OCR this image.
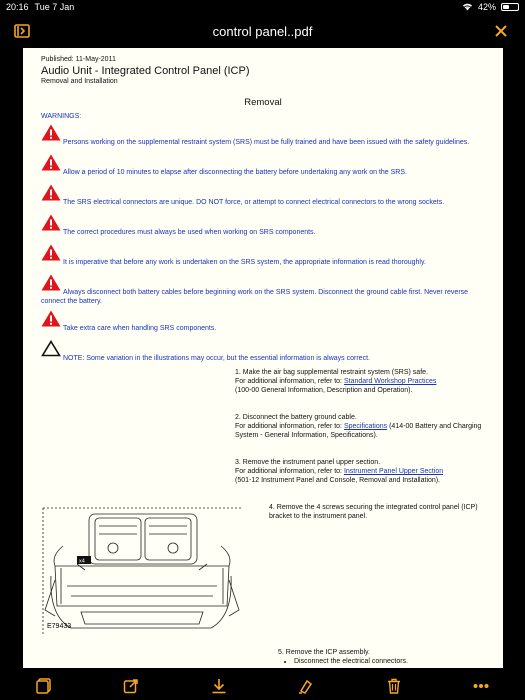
20:16 Tue 7 Jan	42%
control panel..pdf
Published: 11-May-2011
Audio Unit - Integrated Control Panel (ICP)
Removal and Installation
Removal
WARNINGS:
Persons working on the supplemental restraint system (SRS) must be fully trained and have been issued with the safety guidelines.
Allow a period of 10 minutes to elapse after disconnecting the battery before undertaking any work on the SRS.
The SRS electrical connectors are unique. DO NOT force, or attempt to connect electrical connectors to the wrong sockets.
The correct procedures must always be used when working on SRS components.
It is imperative that before any work is undertaken on the SRS system, the appropriate information is read thoroughly.
Always disconnect both battery cables before beginning work on the SRS system. Disconnect the ground cable first. Never reverse connect the battery.
Take extra care when handling SRS components.
NOTE: Some variation in the illustrations may occur, but the essential information is always correct.
1. Make the air bag supplemental restraint system (SRS) safe.
For additional information, refer to: Standard Workshop Practices
(100-00 General Information, Description and Operation).
2. Disconnect the battery ground cable.
For additional information, refer to: Specifications (414-00 Battery and Charging System - General Information, Specifications).
3. Remove the instrument panel upper section.
For additional information, refer to: Instrument Panel Upper Section
(501-12 Instrument Panel and Console, Removal and Installation).
4. Remove the 4 screws securing the integrated control panel (ICP) bracket to the instrument panel.
5. Remove the ICP assembly.
• Disconnect the electrical connectors.
x4
E79433
